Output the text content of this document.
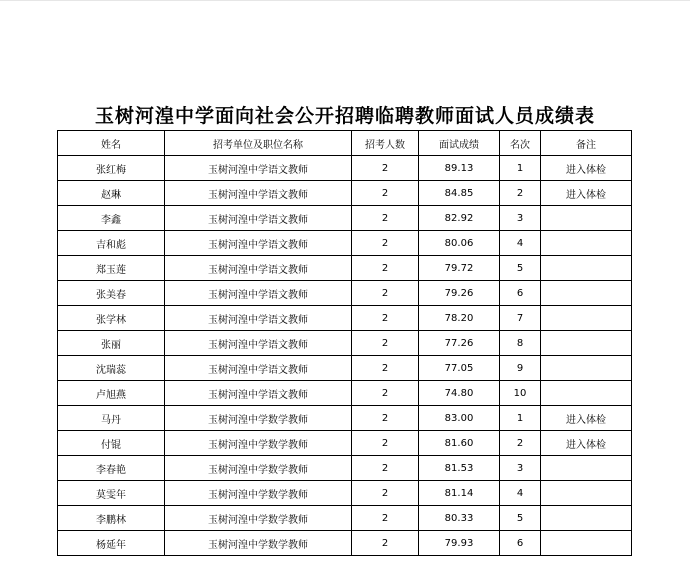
玉树河湟中学面向社会公开招聘临聘教师面试人员成绩表
姓名	招考单位及职位名称	招考人数	面试成绩	名次	备注
张红梅	玉树河湟中学语文教师	2	89.13	1	进入体检
赵琳	玉树河湟中学语文教师	2	84.85	2	进入体检
李鑫	玉树河湟中学语文教师	2	82.92	3	
吉和彪	玉树河湟中学语文教师	2	80.06	4	
郑玉莲	玉树河湟中学语文教师	2	79.72	5	
张美春	玉树河湟中学语文教师	2	79.26	6	
张学林	玉树河湟中学语文教师	2	78.20	7	
张丽	玉树河湟中学语文教师	2	77.26	8	
沈瑞蕊	玉树河湟中学语文教师	2	77.05	9	
卢旭燕	玉树河湟中学语文教师	2	74.80	10	
马丹	玉树河湟中学数学教师	2	83.00	1	进入体检
付锟	玉树河湟中学数学教师	2	81.60	2	进入体检
李春艳	玉树河湟中学数学教师	2	81.53	3	
莫雯年	玉树河湟中学数学教师	2	81.14	4	
李鹏林	玉树河湟中学数学教师	2	80.33	5	
杨延年	玉树河湟中学数学教师	2	79.93	6	
